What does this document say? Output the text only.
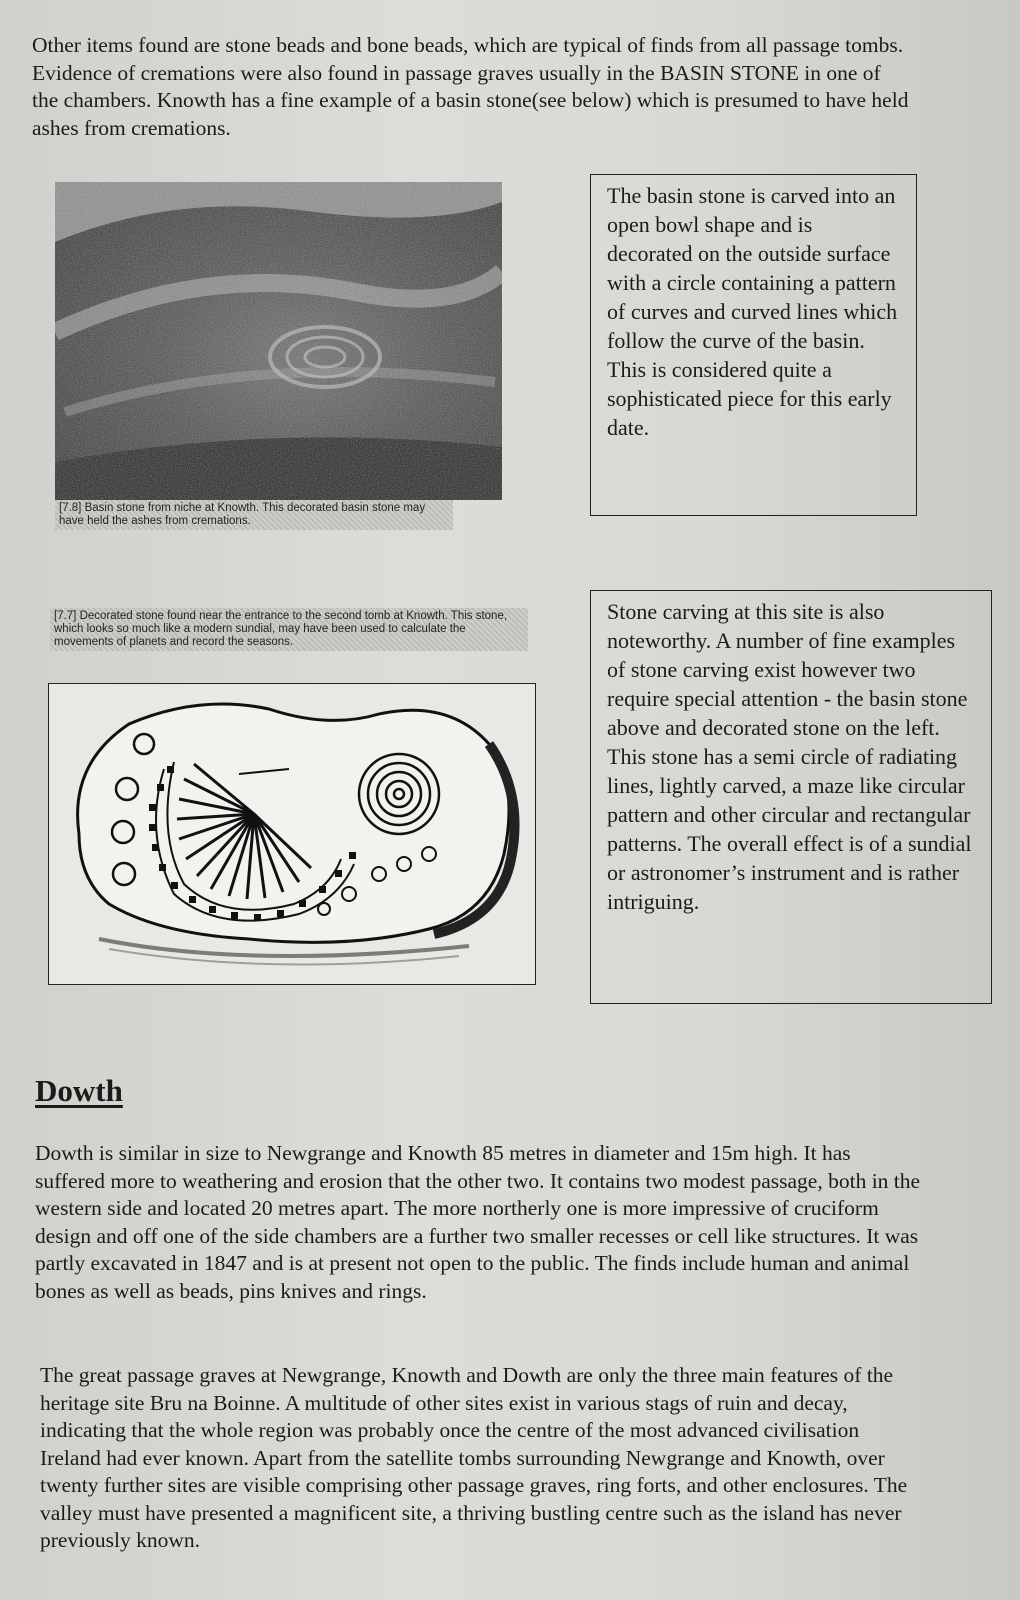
Other items found are stone beads and bone beads, which are typical of finds from all passage tombs. Evidence of cremations were also found in passage graves usually in the BASIN STONE in one of the chambers. Knowth has a fine example of a basin stone(see below) which is presumed to have held ashes from cremations.

[7.8] Basin stone from niche at Knowth. This decorated basin stone may have held the ashes from cremations.
The basin stone is carved into an open bowl shape and is decorated on the outside surface with a circle containing a pattern of curves and curved lines which follow the curve of the basin. This is considered quite a sophisticated piece for this early date.
[7.7] Decorated stone found near the entrance to the second tomb at Knowth. This stone, which looks so much like a modern sundial, may have been used to calculate the movements of planets and record the seasons.
Stone carving at this site is also noteworthy. A number of fine examples of stone carving exist however two require special attention - the basin stone above and decorated stone on the left. This stone has a semi circle of radiating lines, lightly carved, a maze like circular pattern and other circular and rectangular patterns. The overall effect is of a sundial or astronomer’s instrument and is rather intriguing.
Dowth

Dowth is similar in size to Newgrange and Knowth 85 metres in diameter and 15m high. It has suffered more to weathering and erosion that the other two. It contains two modest passage, both in the western side and located 20 metres apart. The more northerly one is more impressive of cruciform design and off one of the side chambers are a further two smaller recesses or cell like structures. It was partly excavated in 1847 and is at present not open to the public. The finds include human and animal bones as well as beads, pins knives and rings.

The great passage graves at Newgrange, Knowth and Dowth are only the three main features of the heritage site Bru na Boinne. A multitude of other sites exist in various stags of ruin and decay, indicating that the whole region was probably once the centre of the most advanced civilisation Ireland had ever known. Apart from the satellite tombs surrounding Newgrange and Knowth, over twenty further sites are visible comprising other passage graves, ring forts, and other enclosures. The valley must have presented a magnificent site, a thriving bustling centre such as the island has never previously known.
